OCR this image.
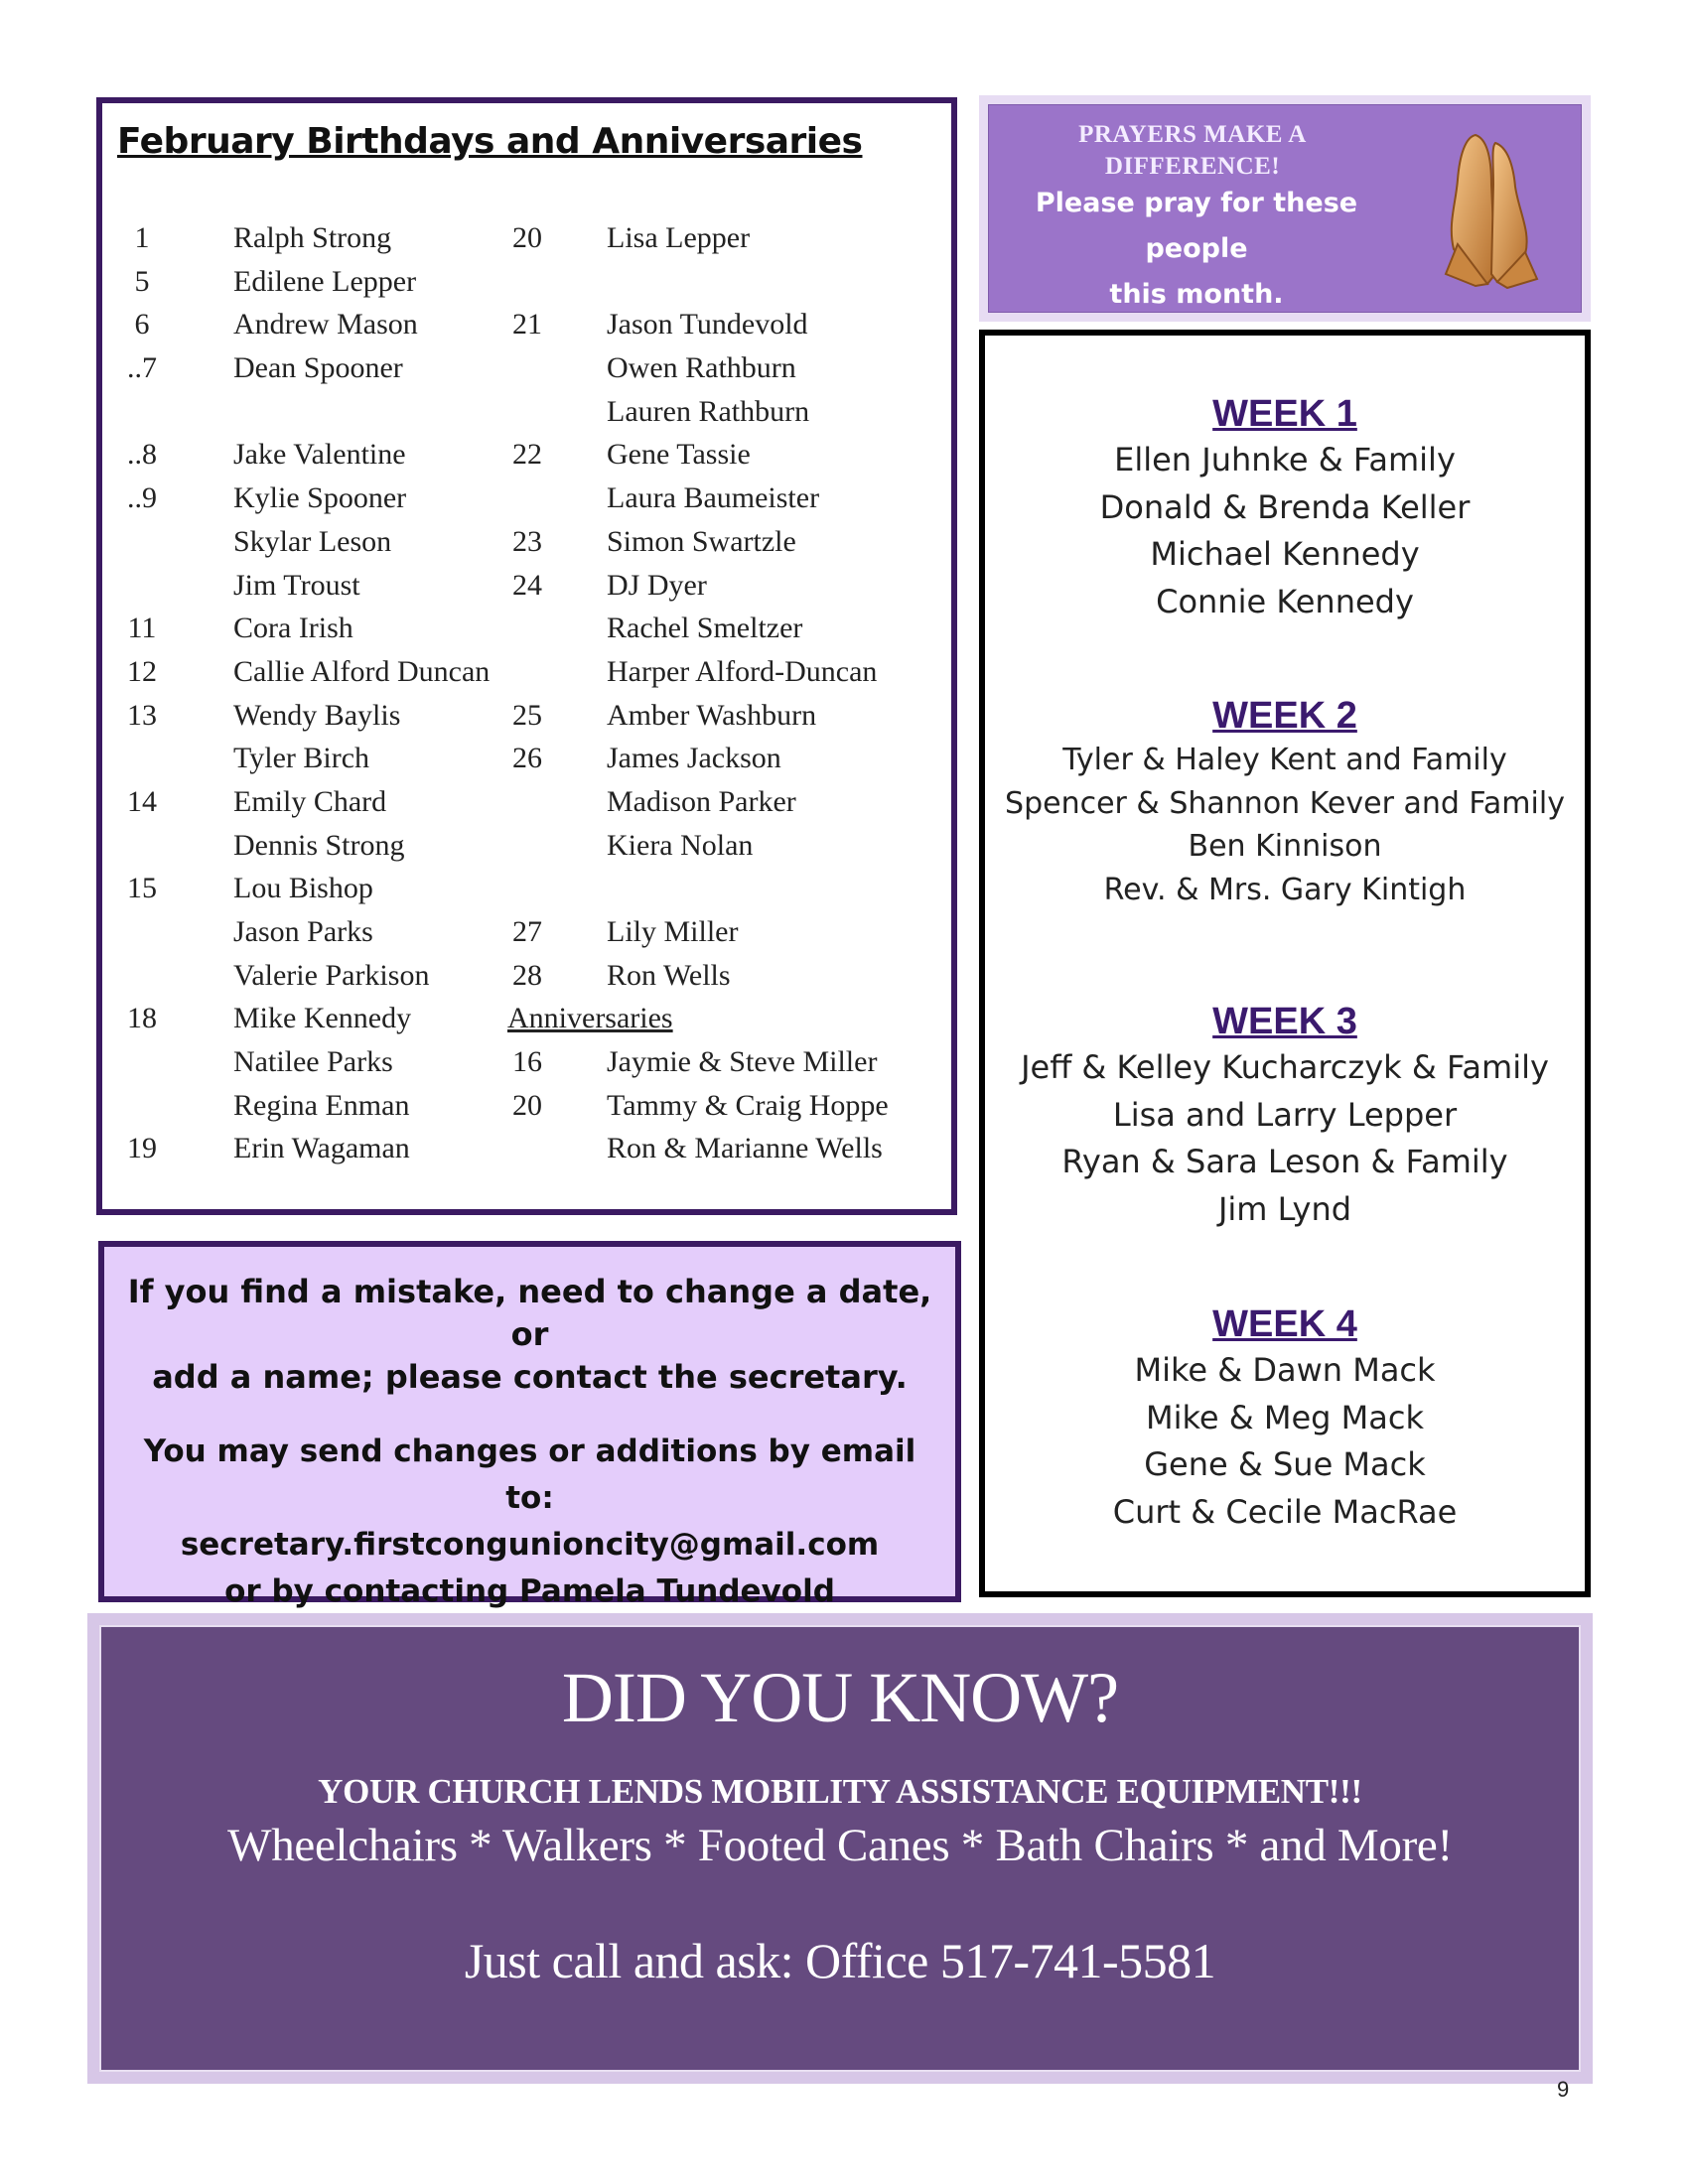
February Birthdays and Anniversaries
1	Ralph Strong
5	Edilene Lepper
6	Andrew Mason
..7	Dean Spooner
..8	Jake Valentine
..9	Kylie Spooner
Skylar Leson
Jim Troust
11	Cora Irish
12	Callie Alford Duncan
13	Wendy Baylis
Tyler Birch
14	Emily Chard
Dennis Strong
15	Lou Bishop
Jason Parks
Valerie Parkison
18	Mike Kennedy
Natilee Parks
Regina Enman
19	Erin Wagaman
20 Lisa Lepper
21 Jason Tundevold
Owen Rathburn
Lauren Rathburn
22 Gene Tassie
Laura Baumeister
23 Simon Swartzle
24 DJ Dyer
Rachel Smeltzer
Harper Alford-Duncan
25 Amber Washburn
26 James Jackson
Madison Parker
Kiera Nolan
27 Lily Miller
28 Ron Wells
Anniversaries
16 Jaymie & Steve Miller
20 Tammy & Craig Hoppe
Ron & Marianne Wells

If you find a mistake, need to change a date, or
add a name; please contact the secretary.

You may send changes or additions by email to:
secretary.firstcongunioncity@gmail.com
or by contacting Pamela Tundevold

PRAYERS MAKE A
DIFFERENCE!
Please pray for these people
this month.

WEEK 1

Ellen Juhnke & Family
Donald & Brenda Keller
Michael Kennedy
Connie Kennedy

WEEK 2

Tyler & Haley Kent and Family
Spencer & Shannon Kever and Family
Ben Kinnison
Rev. & Mrs. Gary Kintigh

WEEK 3

Jeff & Kelley Kucharczyk & Family
Lisa and Larry Lepper
Ryan & Sara Leson & Family
Jim Lynd

WEEK 4

Mike & Dawn Mack
Mike & Meg Mack
Gene & Sue Mack
Curt & Cecile MacRae
DID YOU KNOW?
YOUR CHURCH LENDS MOBILITY ASSISTANCE EQUIPMENT!!!
Wheelchairs * Walkers * Footed Canes * Bath Chairs * and More!
Just call and ask: Office 517-741-5581
9
